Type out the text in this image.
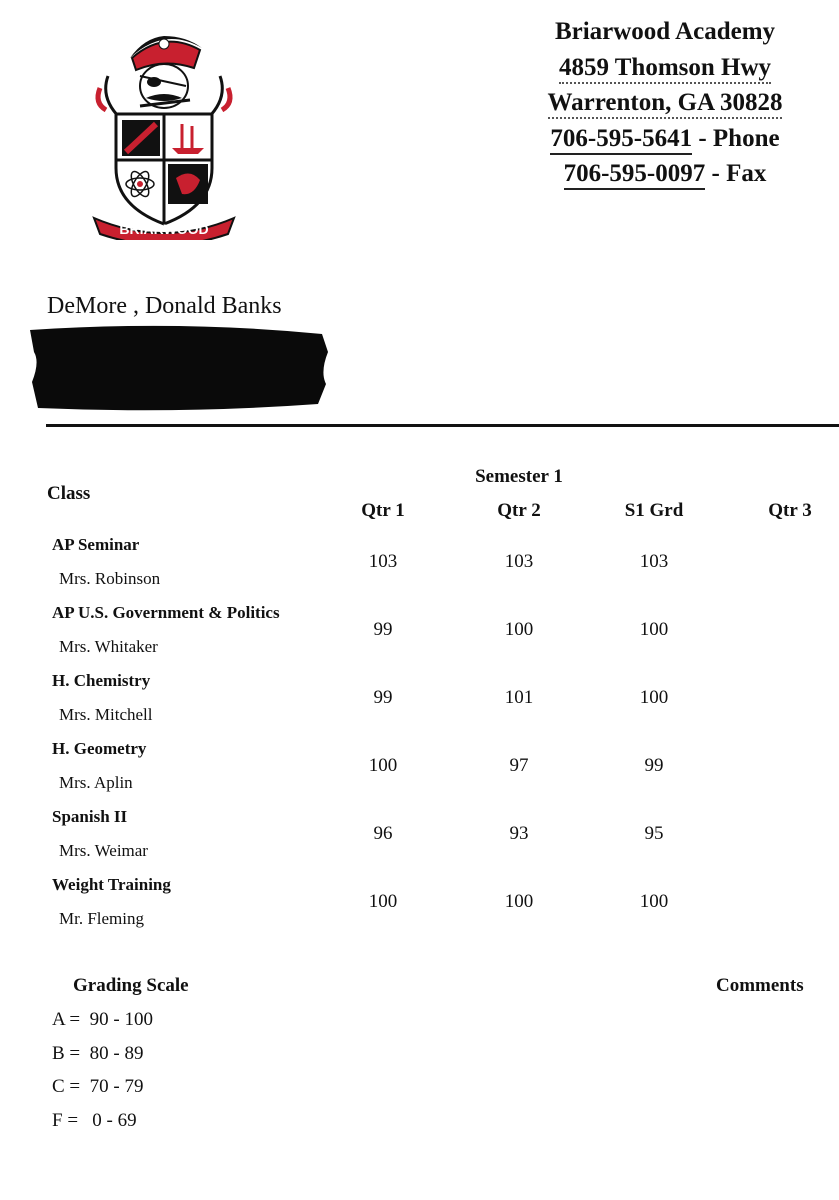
BRIARWOOD
Briarwood Academy
4859 Thomson Hwy
Warrenton, GA 30828
706-595-5641 - Phone
706-595-0097 - Fax
DeMore , Donald Banks
Semester 1
Class
Qtr 1	Qtr 2	S1 Grd	Qtr 3
AP Seminar
Mrs. Robinson
103	103	103
AP U.S. Government & Politics
Mrs. Whitaker
99	100	100
H. Chemistry
Mrs. Mitchell
99	101	100
H. Geometry
Mrs. Aplin
100	97	99
Spanish II
Mrs. Weimar
96	93	95
Weight Training
Mr. Fleming
100	100	100
Grading Scale	Comments
A =  90 - 100
B =  80 - 89
C =  70 - 79
F =   0 - 69
